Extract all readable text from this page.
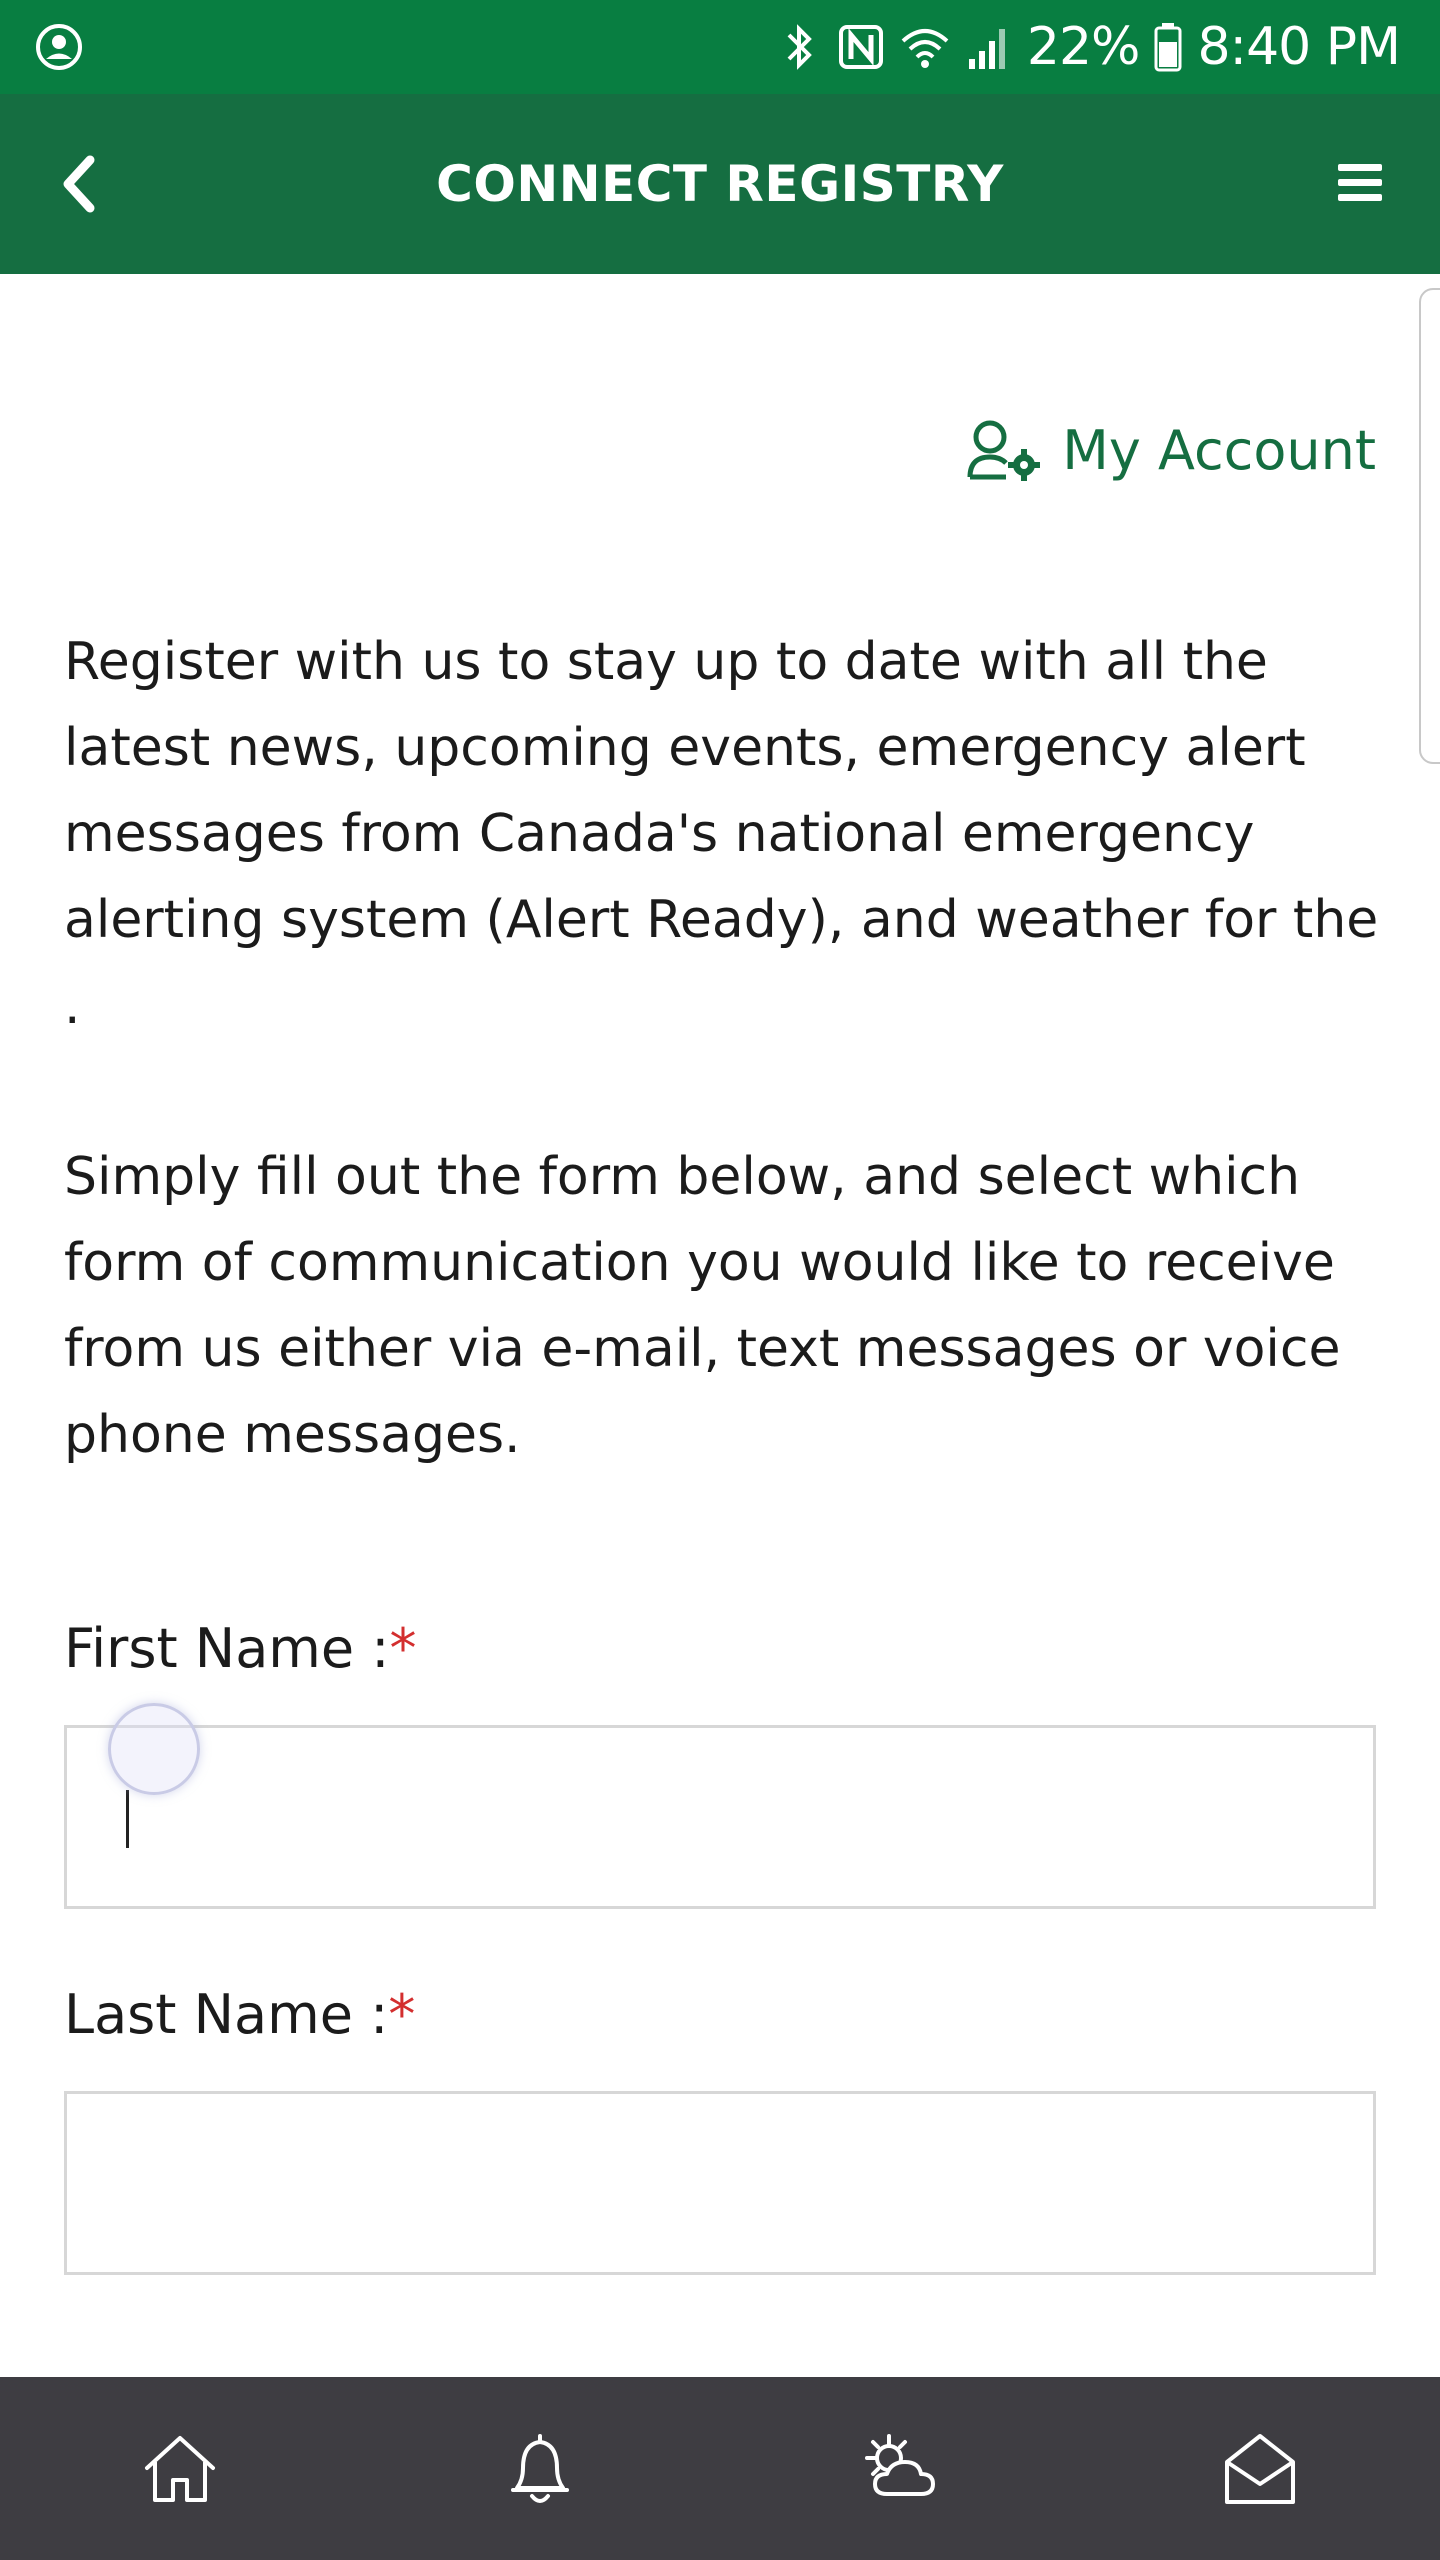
22% 8:40 PM
CONNECT REGISTRY
My Account

Register with us to stay up to date with all the latest news, upcoming events, emergency alert messages from Canada's national emergency alerting system (Alert Ready), and weather for the .

Simply fill out the form below, and select which form of communication you would like to receive from us either via e-mail, text messages or voice phone messages.

First Name :*
Last Name :*
